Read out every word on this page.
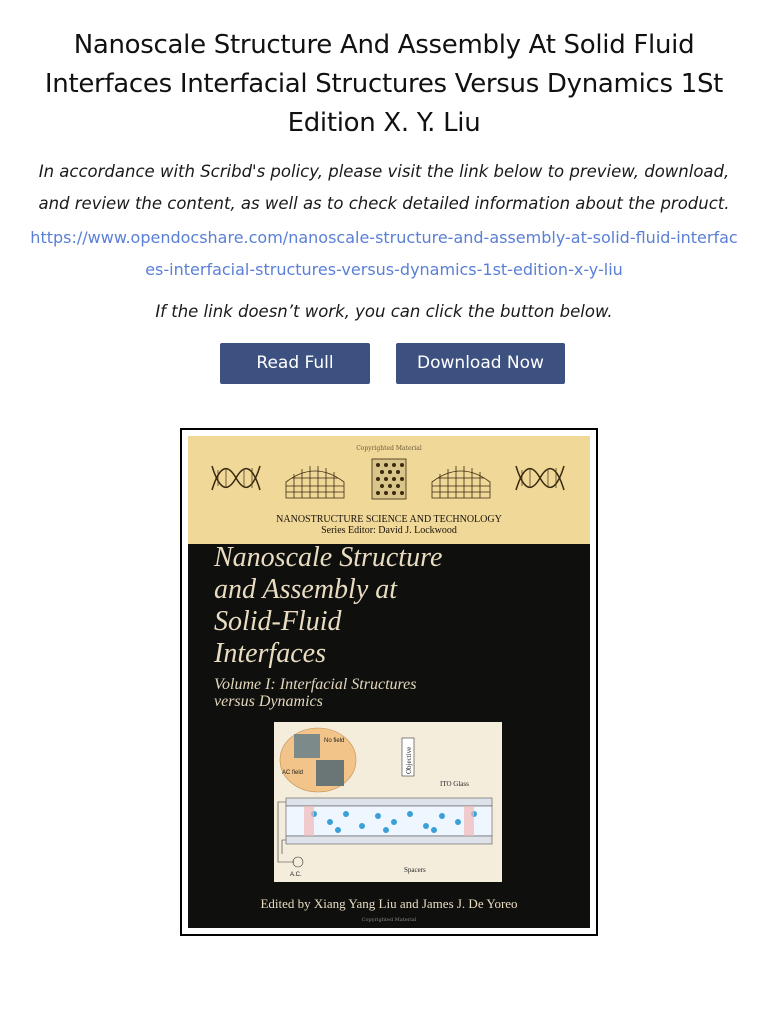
Nanoscale Structure And Assembly At Solid Fluid Interfaces Interfacial Structures Versus Dynamics 1St Edition X. Y. Liu
In accordance with Scribd's policy, please visit the link below to preview, download, and review the content, as well as to check detailed information about the product.
https://www.opendocshare.com/nanoscale-structure-and-assembly-at-solid-fluid-interfaces-interfacial-structures-versus-dynamics-1st-edition-x-y-liu
If the link doesn’t work, you can click the button below.
Read Full	Download Now
Copyrighted Material
NANOSTRUCTURE SCIENCE AND TECHNOLOGY
Series Editor: David J. Lockwood
Nanoscale Structure
and Assembly at
Solid-Fluid
Interfaces
Volume I: Interfacial Structures
versus Dynamics
No field
AC field	Objective
ITO Glass
A.C.
Spacers
Edited by Xiang Yang Liu and James J. De Yoreo
Copyrighted Material
